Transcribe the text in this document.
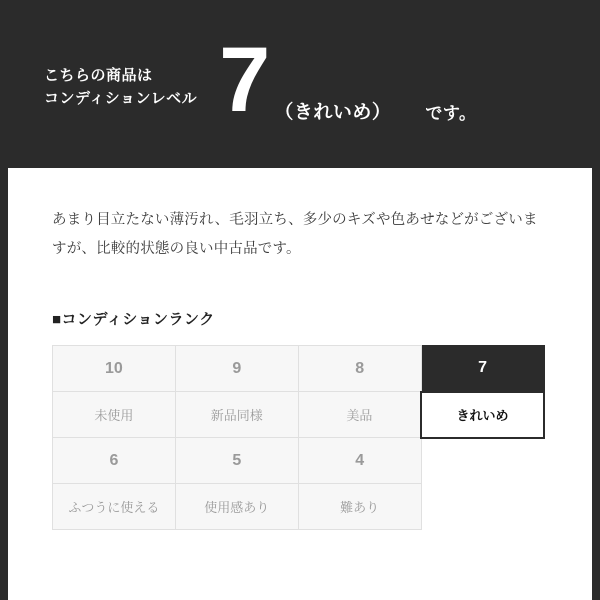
こちらの商品は
コンディションレベル 7 （きれいめ） です。

あまり目立たない薄汚れ、毛羽立ち、多少のキズや色あせなどがございますが、比較的状態の良い中古品です。

■コンディションランク
10	9	8	7
未使用	新品同様	美品	きれいめ
6	5	4	
ふつうに使える	使用感あり	難あり	
